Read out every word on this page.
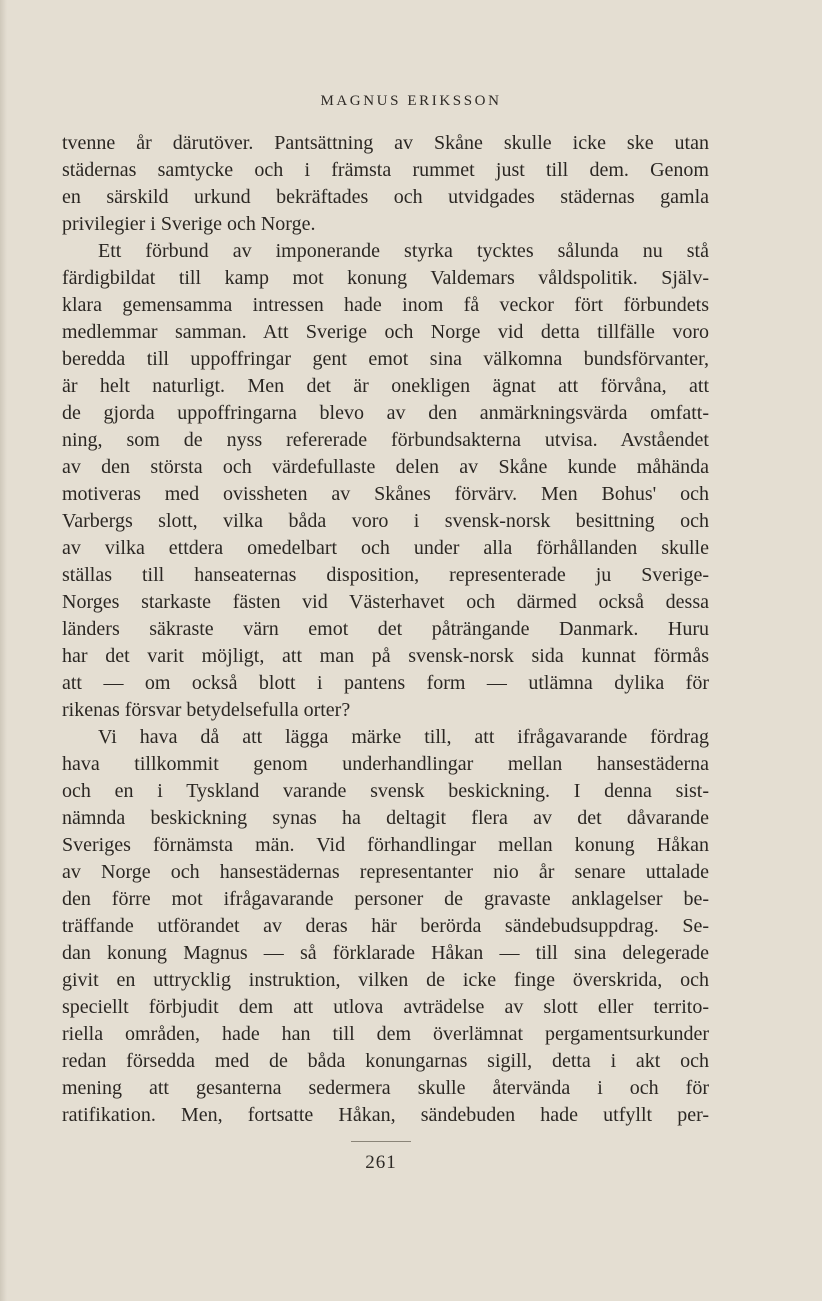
MAGNUS ERIKSSON
tvenne år därutöver. Pantsättning av Skåne skulle icke ske utan
städernas samtycke och i främsta rummet just till dem. Genom
en särskild urkund bekräftades och utvidgades städernas gamla
privilegier i Sverige och Norge.
Ett förbund av imponerande styrka tycktes sålunda nu stå
färdigbildat till kamp mot konung Valdemars våldspolitik. Själv-
klara gemensamma intressen hade inom få veckor fört förbundets
medlemmar samman. Att Sverige och Norge vid detta tillfälle voro
beredda till uppoffringar gent emot sina välkomna bundsförvanter,
är helt naturligt. Men det är onekligen ägnat att förvåna, att
de gjorda uppoffringarna blevo av den anmärkningsvärda omfatt-
ning, som de nyss refererade förbundsakterna utvisa. Avståendet
av den största och värdefullaste delen av Skåne kunde måhända
motiveras med ovissheten av Skånes förvärv. Men Bohus' och
Varbergs slott, vilka båda voro i svensk-norsk besittning och
av vilka ettdera omedelbart och under alla förhållanden skulle
ställas till hanseaternas disposition, representerade ju Sverige-
Norges starkaste fästen vid Västerhavet och därmed också dessa
länders säkraste värn emot det påträngande Danmark. Huru
har det varit möjligt, att man på svensk-norsk sida kunnat förmås
att — om också blott i pantens form — utlämna dylika för
rikenas försvar betydelsefulla orter?
Vi hava då att lägga märke till, att ifrågavarande fördrag
hava tillkommit genom underhandlingar mellan hansestäderna
och en i Tyskland varande svensk beskickning. I denna sist-
nämnda beskickning synas ha deltagit flera av det dåvarande
Sveriges förnämsta män. Vid förhandlingar mellan konung Håkan
av Norge och hansestädernas representanter nio år senare uttalade
den förre mot ifrågavarande personer de gravaste anklagelser be-
träffande utförandet av deras här berörda sändebudsuppdrag. Se-
dan konung Magnus — så förklarade Håkan — till sina delegerade
givit en uttrycklig instruktion, vilken de icke finge överskrida, och
speciellt förbjudit dem att utlova avträdelse av slott eller territo-
riella områden, hade han till dem överlämnat pergamentsurkunder
redan försedda med de båda konungarnas sigill, detta i akt och
mening att gesanterna sedermera skulle återvända i och för
ratifikation. Men, fortsatte Håkan, sändebuden hade utfyllt per-
261
